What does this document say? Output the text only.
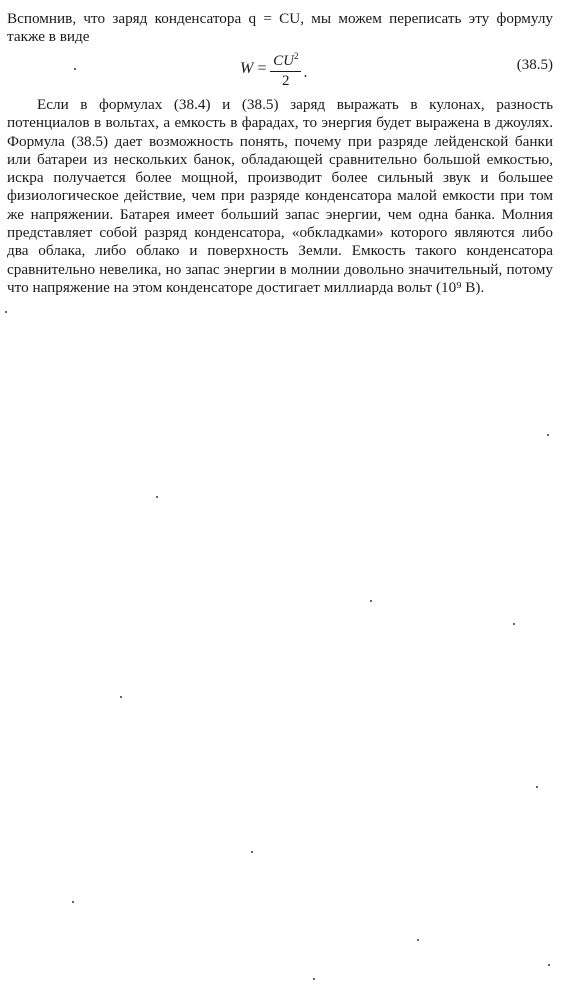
Вспомнив, что заряд конденсатора q = CU, мы можем переписать эту формулу также в виде
$W = \frac{CU^2}{2}$ .	(38.5)
Если в формулах (38.4) и (38.5) заряд выражать в кулонах, разность потенциалов в вольтах, а емкость в фарадах, то энергия будет выражена в джоулях. Формула (38.5) дает возможность понять, почему при разряде лейденской банки или батареи из нескольких банок, обладающей сравнительно большой емкостью, искра получается более мощной, производит более сильный звук и большее физиологическое действие, чем при разряде конденсатора малой емкости при том же напряжении. Батарея имеет больший запас энергии, чем одна банка. Молния представляет собой разряд конденсатора, «обкладками» которого являются либо два облака, либо облако и поверхность Земли. Емкость такого конденсатора сравнительно невелика, но запас энергии в молнии довольно значительный, потому что напряжение на этом конденсаторе достигает миллиарда вольт (10⁹ В).
